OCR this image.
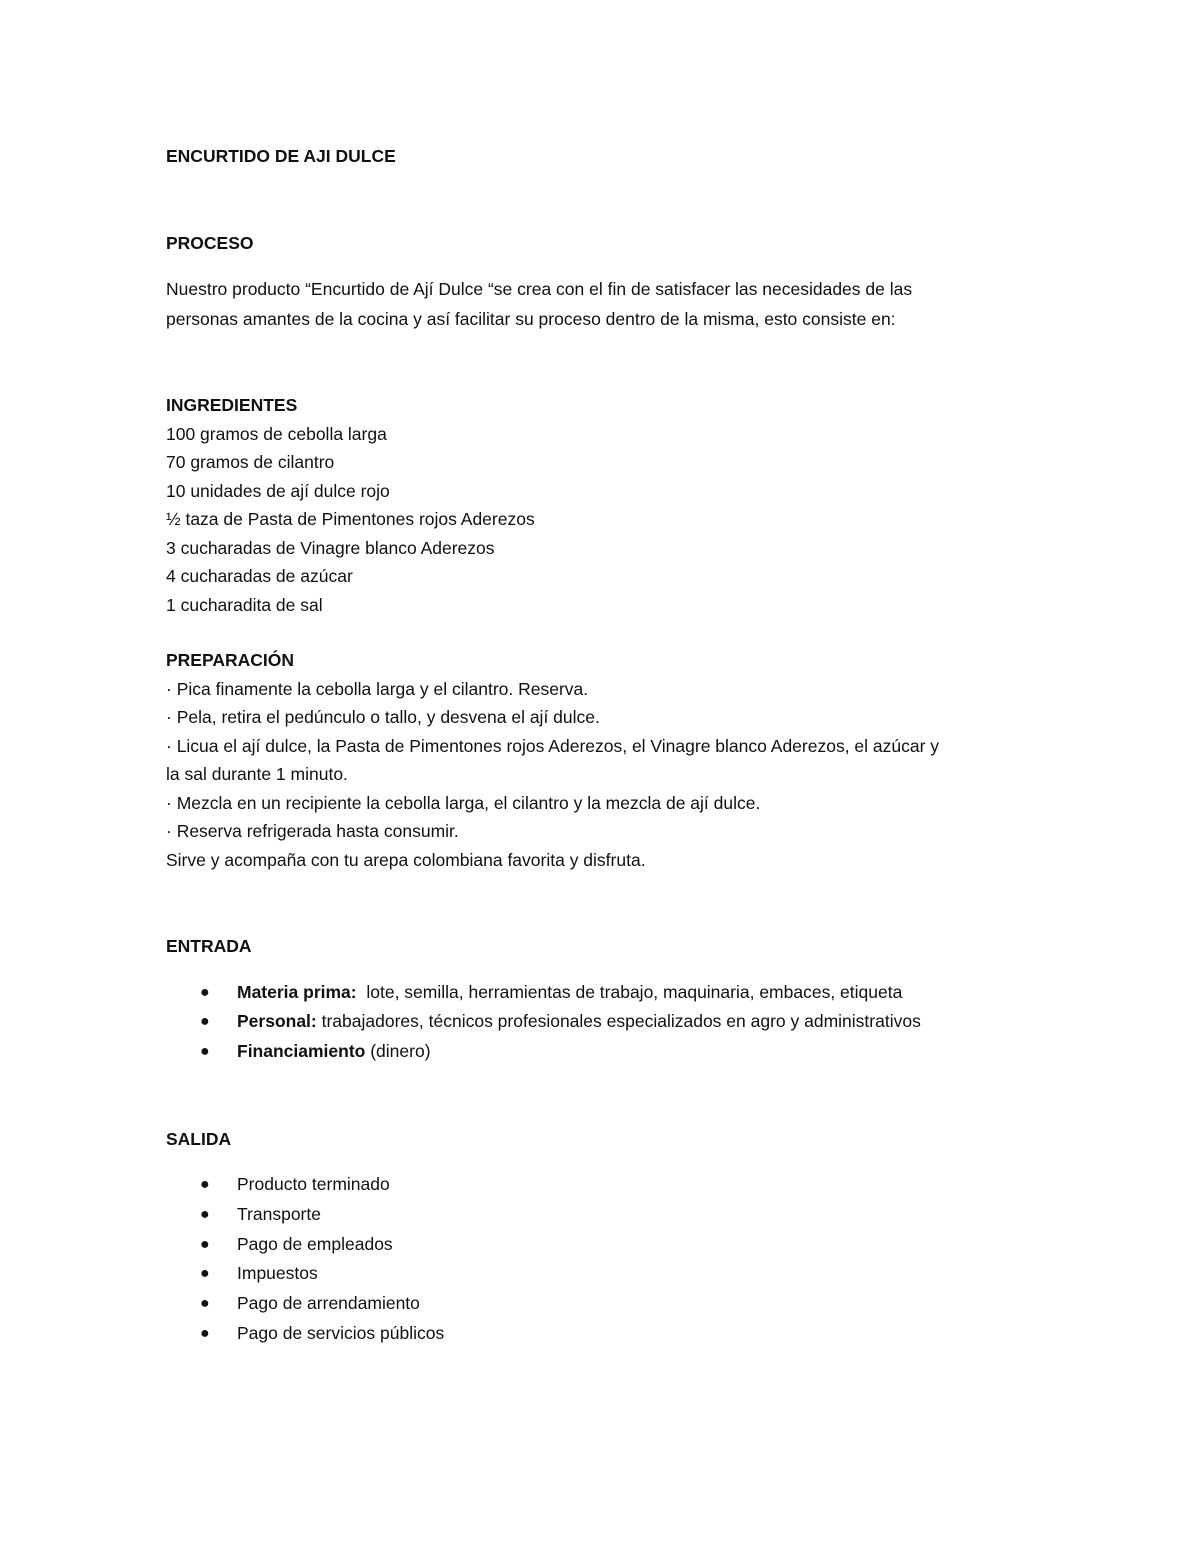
ENCURTIDO DE AJI DULCE

PROCESO

Nuestro producto “Encurtido de Ají Dulce “se crea con el fin de satisfacer las necesidades de las
personas amantes de la cocina y así facilitar su proceso dentro de la misma, esto consiste en:

INGREDIENTES

100 gramos de cebolla larga

70 gramos de cilantro

10 unidades de ají dulce rojo

½ taza de Pasta de Pimentones rojos Aderezos

3 cucharadas de Vinagre blanco Aderezos

4 cucharadas de azúcar

1 cucharadita de sal

PREPARACIÓN

· Pica finamente la cebolla larga y el cilantro. Reserva.

· Pela, retira el pedúnculo o tallo, y desvena el ají dulce.

· Licua el ají dulce, la Pasta de Pimentones rojos Aderezos, el Vinagre blanco Aderezos, el azúcar y

la sal durante 1 minuto.

· Mezcla en un recipiente la cebolla larga, el cilantro y la mezcla de ají dulce.

· Reserva refrigerada hasta consumir.

Sirve y acompaña con tu arepa colombiana favorita y disfruta.

ENTRADA

● Materia prima:  lote, semilla, herramientas de trabajo, maquinaria, embaces, etiqueta
● Personal: trabajadores, técnicos profesionales especializados en agro y administrativos
● Financiamiento (dinero)

SALIDA

● Producto terminado
● Transporte
● Pago de empleados
● Impuestos
● Pago de arrendamiento
● Pago de servicios públicos
